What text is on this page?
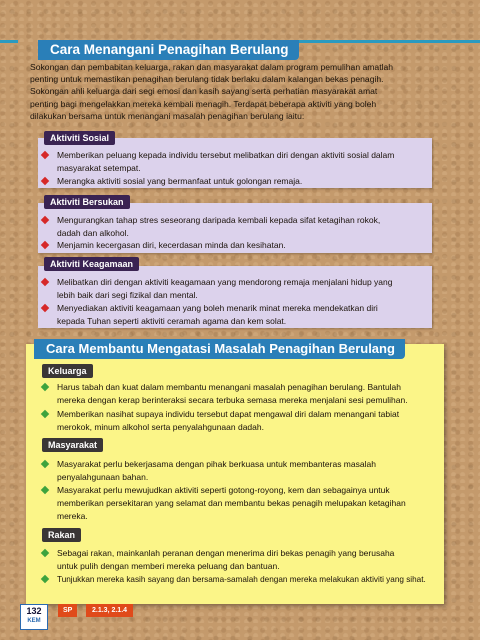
Cara Menangani Penagihan Berulang
Sokongan dan pembabitan keluarga, rakan dan masyarakat dalam program pemulihan amatlah
penting untuk memastikan penagihan berulang tidak berlaku dalam kalangan bekas penagih.
Sokongan ahli keluarga dari segi emosi dan kasih sayang serta perhatian masyarakat amat
penting bagi mengelakkan mereka kembali menagih. Terdapat beberapa aktiviti yang boleh
dilakukan bersama untuk menangani masalah penagihan berulang iaitu:
Aktiviti Sosial
Memberikan peluang kepada individu tersebut melibatkan diri dengan aktiviti sosial dalam
masyarakat setempat.
Merangka aktiviti sosial yang bermanfaat untuk golongan remaja.
Aktiviti Bersukan
Mengurangkan tahap stres seseorang daripada kembali kepada sifat ketagihan rokok,
dadah dan alkohol.
Menjamin kecergasan diri, kecerdasan minda dan kesihatan.
Aktiviti Keagamaan
Melibatkan diri dengan aktiviti keagamaan yang mendorong remaja menjalani hidup yang
lebih baik dari segi fizikal dan mental.
Menyediakan aktiviti keagamaan yang boleh menarik minat mereka mendekatkan diri
kepada Tuhan seperti aktiviti ceramah agama dan kem solat.
Cara Membantu Mengatasi Masalah Penagihan Berulang
Keluarga
Harus tabah dan kuat dalam membantu menangani masalah penagihan berulang. Bantulah
mereka dengan kerap berinteraksi secara terbuka semasa mereka menjalani sesi pemulihan.
Memberikan nasihat supaya individu tersebut dapat mengawal diri dalam menangani tabiat
merokok, minum alkohol serta penyalahgunaan dadah.
Masyarakat
Masyarakat perlu bekerjasama dengan pihak berkuasa untuk membanteras masalah
penyalahgunaan bahan.
Masyarakat perlu mewujudkan aktiviti seperti gotong-royong, kem dan sebagainya untuk
memberikan persekitaran yang selamat dan membantu bekas penagih melupakan ketagihan
mereka.
Rakan
Sebagai rakan, mainkanlah peranan dengan menerima diri bekas penagih yang berusaha
untuk pulih dengan memberi mereka peluang dan bantuan.
Tunjukkan mereka kasih sayang dan bersama-samalah dengan mereka melakukan aktiviti yang sihat.
132
KEM
SP	2.1.3, 2.1.4
